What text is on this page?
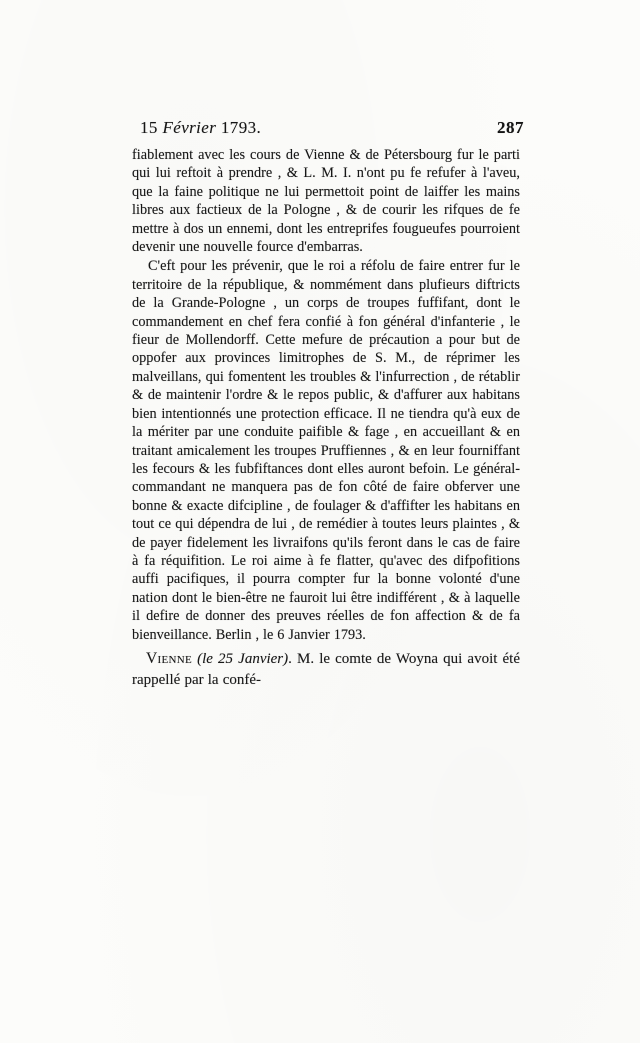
15 Février 1793.	287

fiablement avec les cours de Vienne & de Pétersbourg fur le parti qui lui reftoit à prendre , & L. M. I. n'ont pu fe refufer à l'aveu, que la faine politique ne lui permettoit point de laiffer les mains libres aux factieux de la Pologne , & de courir les rifques de fe mettre à dos un ennemi, dont les entreprifes fougueufes pourroient devenir une nouvelle fource d'embarras.

C'eft pour les prévenir, que le roi a réfolu de faire entrer fur le territoire de la république, & nommément dans plufieurs diftricts de la Grande-Pologne , un corps de troupes fuffifant, dont le commandement en chef fera confié à fon général d'infanterie , le fieur de Mollendorff. Cette mefure de précaution a pour but de oppofer aux provinces limitrophes de S. M., de réprimer les malveillans, qui fomentent les troubles & l'infurrection , de rétablir & de maintenir l'ordre & le repos public, & d'affurer aux habitans bien intentionnés une protection efficace. Il ne tiendra qu'à eux de la mériter par une conduite paifible & fage , en accueillant & en traitant amicalement les troupes Pruffiennes , & en leur fourniffant les fecours & les fubfiftances dont elles auront befoin. Le général-commandant ne manquera pas de fon côté de faire obferver une bonne & exacte difcipline , de foulager & d'affifter les habitans en tout ce qui dépendra de lui , de remédier à toutes leurs plaintes , & de payer fidelement les livraifons qu'ils feront dans le cas de faire à fa réquifition. Le roi aime à fe flatter, qu'avec des difpofitions auffi pacifiques, il pourra compter fur la bonne volonté d'une nation dont le bien-être ne fauroit lui être indifférent , & à laquelle il defire de donner des preuves réelles de fon affection & de fa bienveillance. Berlin , le 6 Janvier 1793.

Vienne (le 25 Janvier). M. le comte de Woyna qui avoit été rappellé par la confé-
